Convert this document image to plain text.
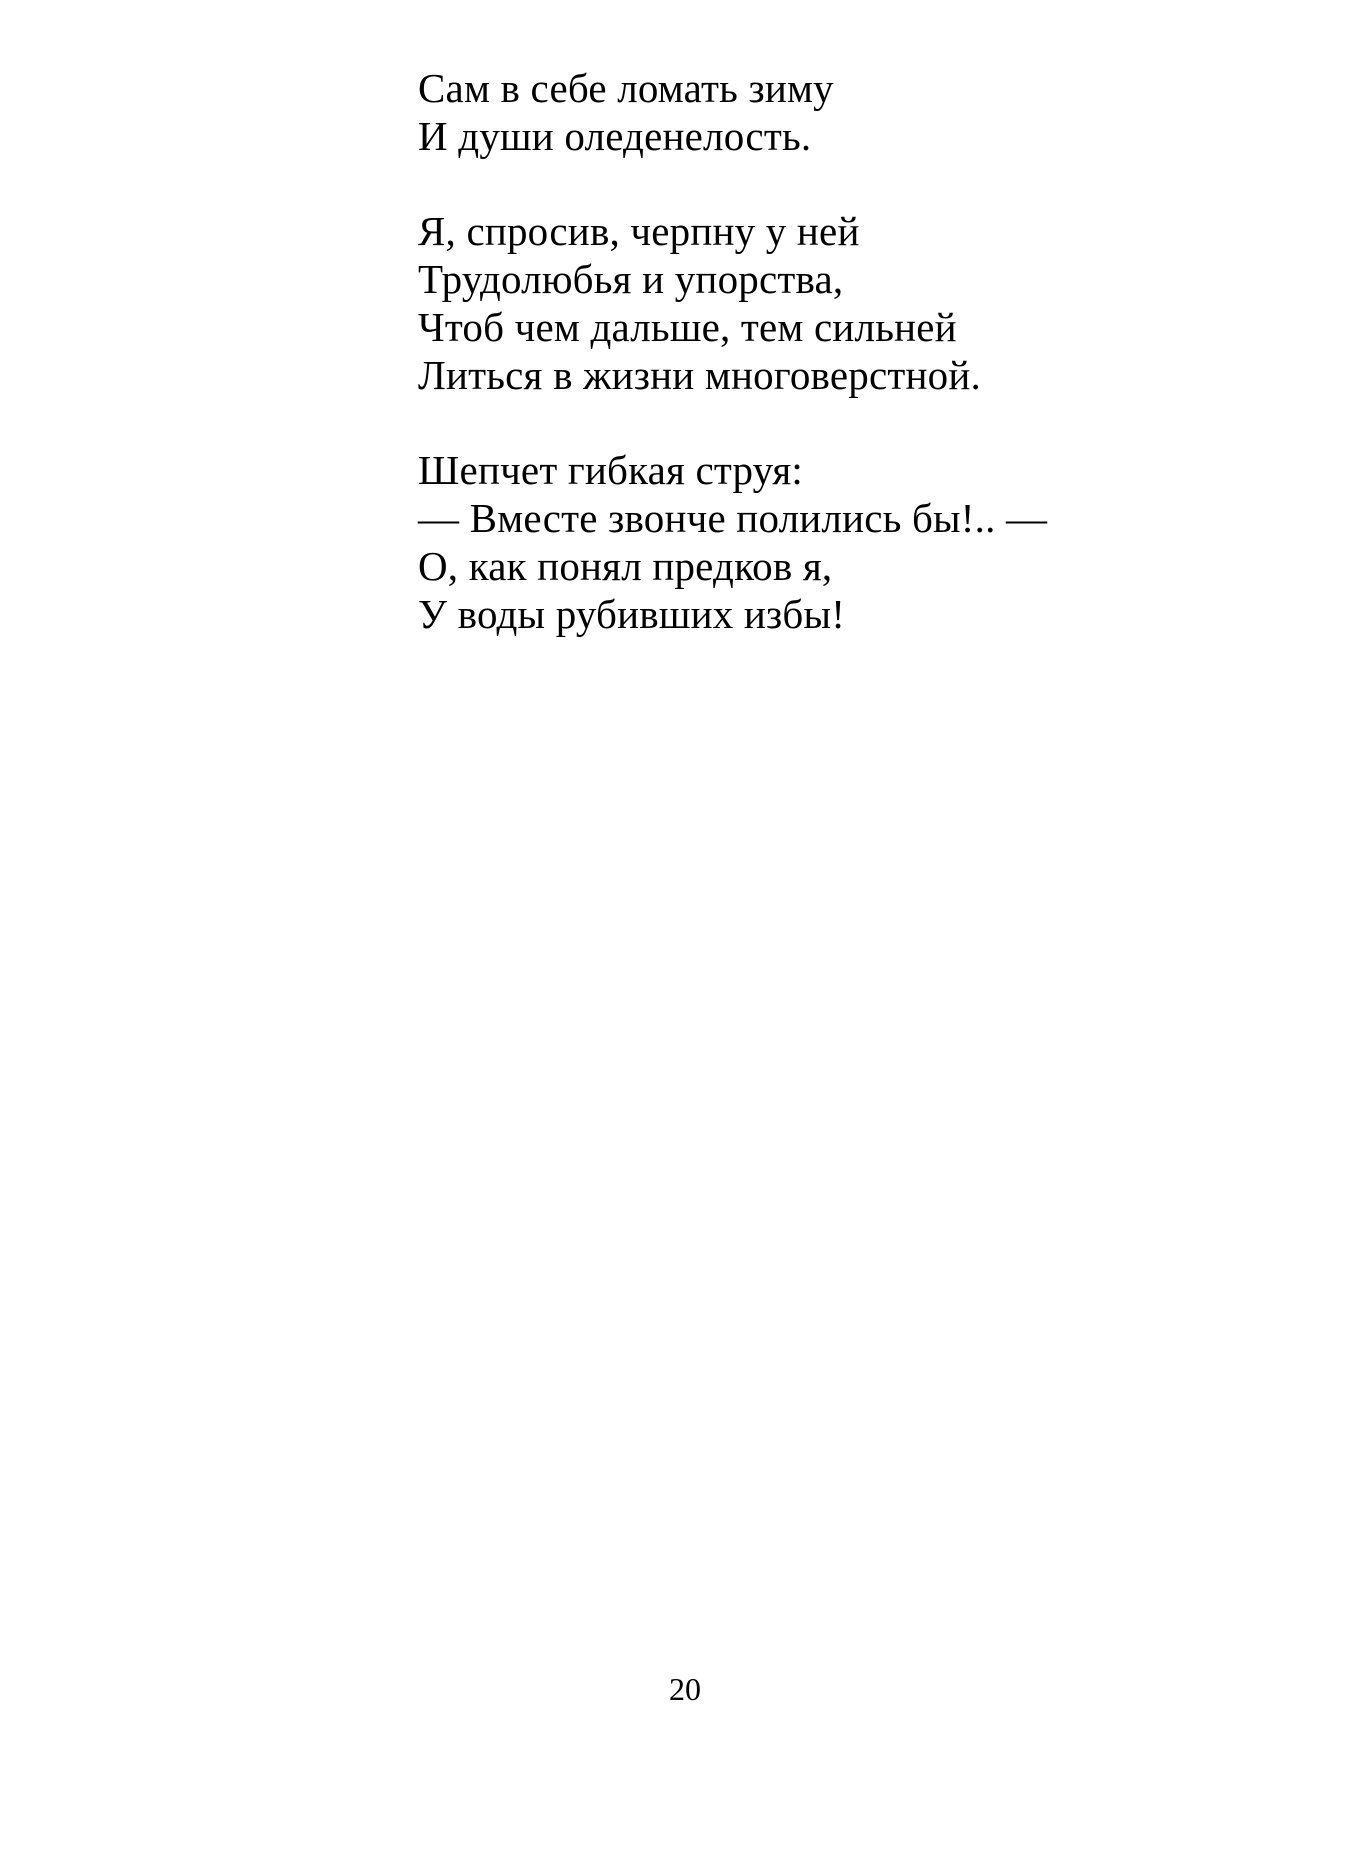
Сам в себе ломать зиму
И души оледенелость.
Я, спросив, черпну у ней
Трудолюбья и упорства,
Чтоб чем дальше, тем сильней
Литься в жизни многоверстной.
Шепчет гибкая струя:
— Вместе звонче полились бы!.. —
О, как понял предков я,
У воды рубивших избы!
20
